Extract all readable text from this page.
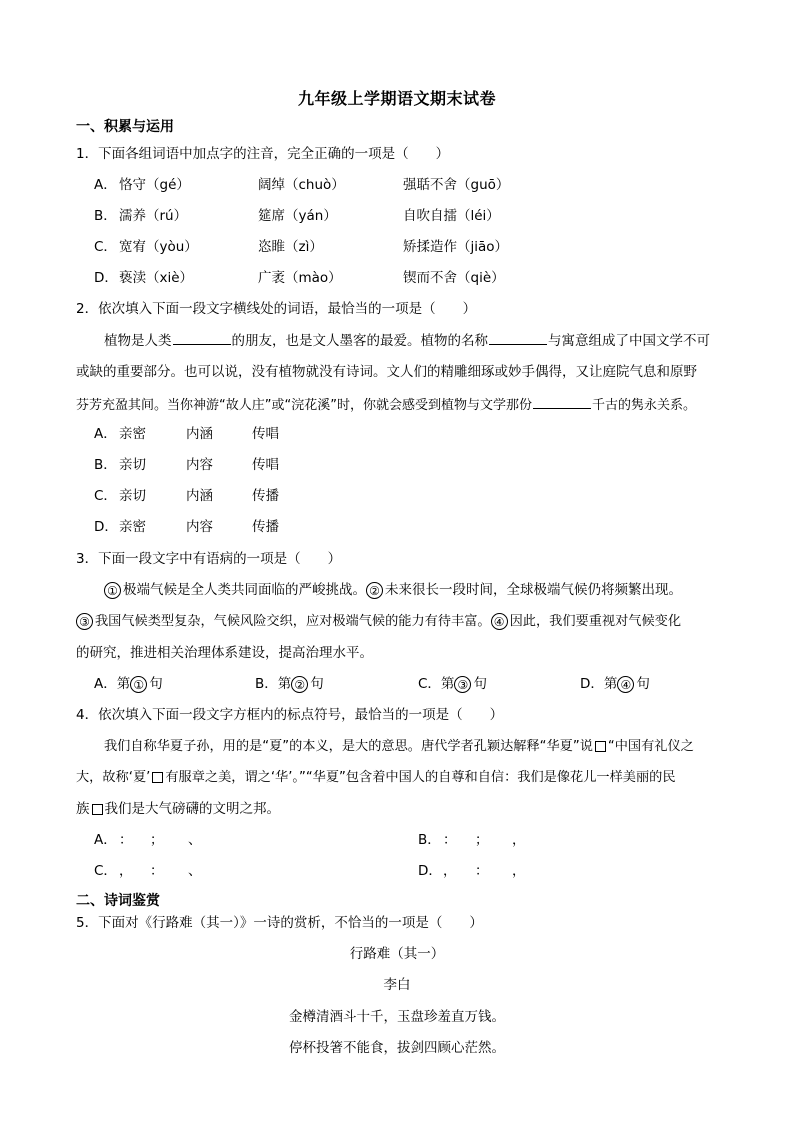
九年级上学期语文期末试卷
一、积累与运用
1．下面各组词语中加点字的注音，完全正确的一项是（　　）
A． 恪守（gé）	阔绰（chuò）	强聒不舍（guō）
B． 濡养（rú）	筵席（yán）	自吹自擂（léi）
C． 宽宥（yòu）	恣睢（zì）	矫揉造作（jiāo）
D． 亵渎（xiè）	广袤（mào）	锲而不舍（qiè）
2．依次填入下面一段文字横线处的词语，最恰当的一项是（　　）
植物是人类	的朋友，也是文人墨客的最爱。植物的名称	与寓意组成了中国文学不可
或缺的重要部分。也可以说，没有植物就没有诗词。文人们的精雕细琢或妙手偶得，又让庭院气息和原野
芬芳充盈其间。当你神游“故人庄”或“浣花溪”时，你就会感受到植物与文学那份	千古的隽永关系。
A． 亲密	内涵	传唱
B． 亲切	内容	传唱
C． 亲切	内涵	传播
D． 亲密	内容	传播
3．下面一段文字中有语病的一项是（　　）
① 极端气候是全人类共同面临的严峻挑战。 ② 未来很长一段时间，全球极端气候仍将频繁出现。
③ 我国气候类型复杂，气候风险交织，应对极端气候的能力有待丰富。 ④ 因此，我们要重视对气候变化
的研究，推进相关治理体系建设，提高治理水平。
A．第 ① 句	B．第 ② 句	C．第 ③ 句	D．第 ④ 句
4．依次填入下面一段文字方框内的标点符号，最恰当的一项是（　　）
我们自称华夏子孙，用的是“夏”的本义，是大的意思。唐代学者孔颖达解释“华夏”说 “中国有礼仪之
大，故称‘夏’ 有服章之美，谓之‘华’。”“华夏”包含着中国人的自尊和自信：我们是像花儿一样美丽的民
族 我们是大气磅礴的文明之邦。
A． ： ； 、	B． ： ； ，
C． ， ： 、	D． ， ： ，
二、诗词鉴赏
5．下面对《行路难（其一）》一诗的赏析，不恰当的一项是（　　）
行路难（其一）
李白
金樽清酒斗十千，玉盘珍羞直万钱。
停杯投箸不能食，拔剑四顾心茫然。
